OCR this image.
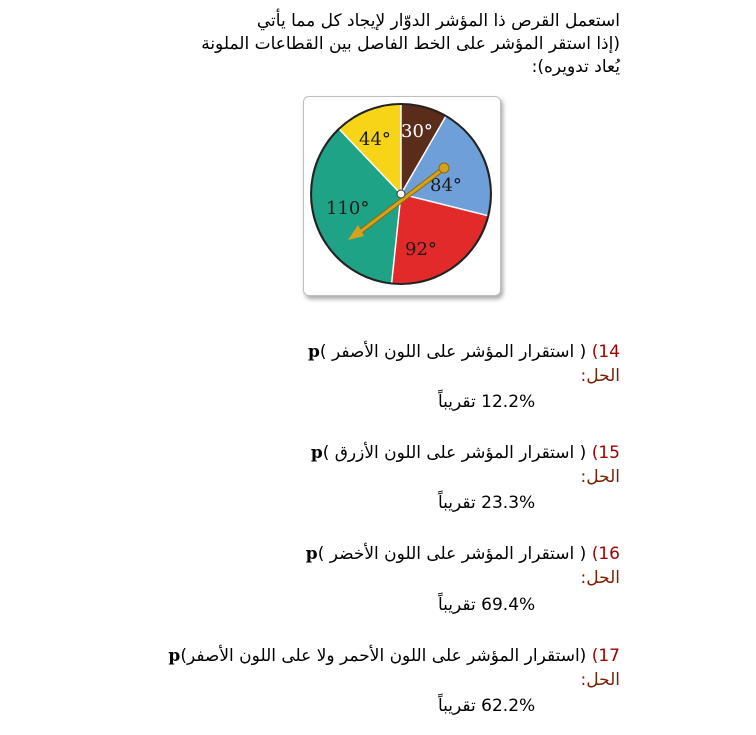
استعمل القرص ذا المؤشر الدوّار لإيجاد كل مما يأتي
(إذا استقر المؤشر على الخط الفاصل بين القطاعات الملونة
يُعاد تدويره):
30°
84°
92°
110°
44°
14) ( استقرار المؤشر على اللون الأصفر )p
الحل:
12.2% تقريباً
15) ( استقرار المؤشر على اللون الأزرق )p
الحل:
23.3% تقريباً
16) ( استقرار المؤشر على اللون الأخضر )p
الحل:
69.4% تقريباً
17) (استقرار المؤشر على اللون الأحمر ولا على اللون الأصفر)p
الحل:
62.2% تقريباً
